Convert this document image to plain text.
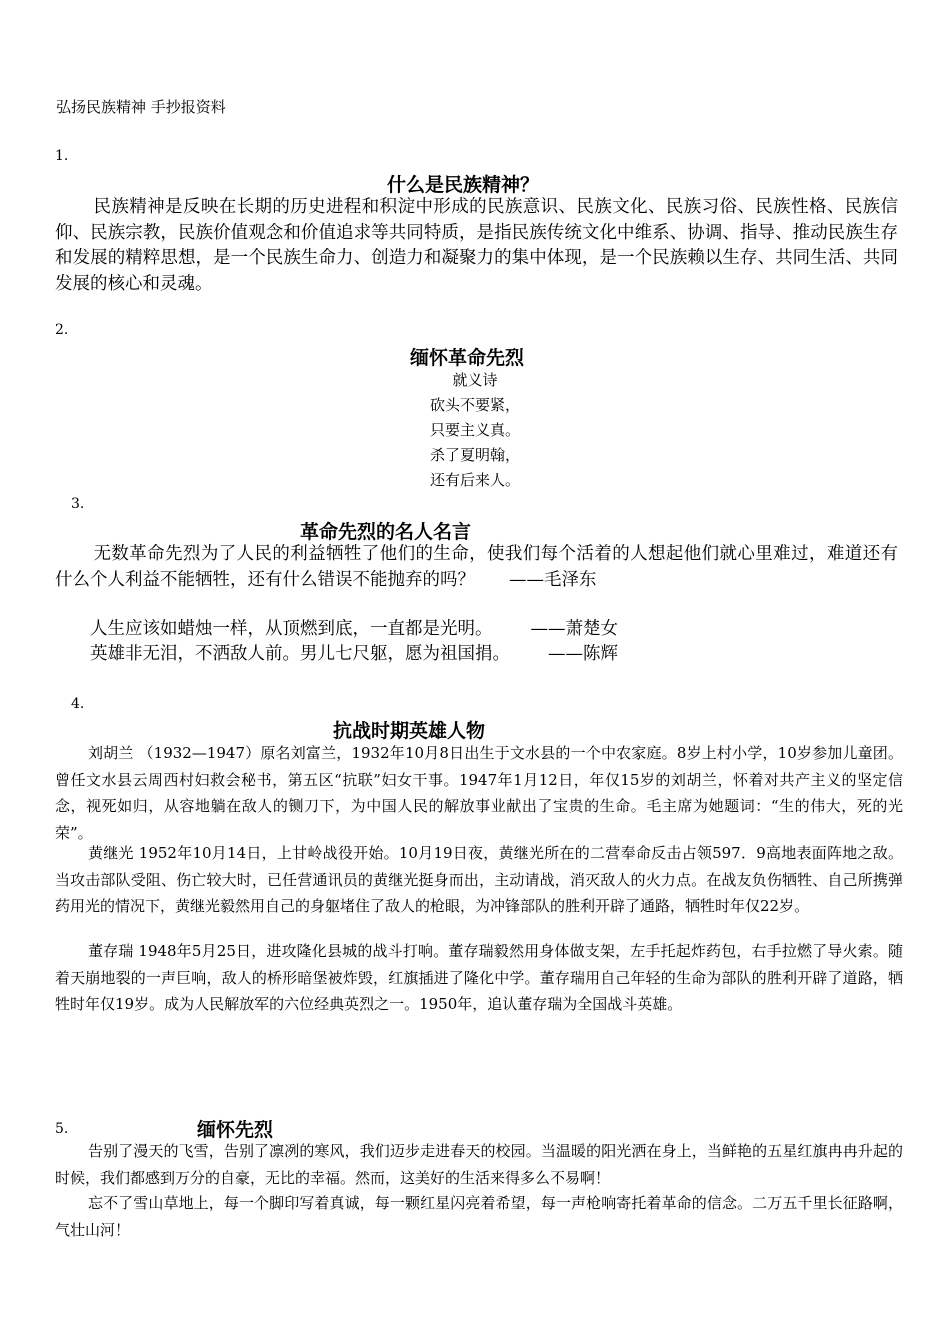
弘扬民族精神 手抄报资料
1.
什么是民族精神？

民族精神是反映在长期的历史进程和积淀中形成的民族意识、民族文化、民族习俗、民族性格、民族信仰、民族宗教，民族价值观念和价值追求等共同特质，是指民族传统文化中维系、协调、指导、推动民族生存和发展的精粹思想，是一个民族生命力、创造力和凝聚力的集中体现，是一个民族赖以生存、共同生活、共同发展的核心和灵魂。

2.
缅怀革命先烈
就义诗
砍头不要紧，
只要主义真。
杀了夏明翰，
还有后来人。
3.
革命先烈的名人名言

无数革命先烈为了人民的利益牺牲了他们的生命，使我们每个活着的人想起他们就心里难过，难道还有什么个人利益不能牺牲，还有什么错误不能抛弃的吗？ ——毛泽东

人生应该如蜡烛一样，从顶燃到底，一直都是光明。 ——萧楚女
英雄非无泪，不洒敌人前。男儿七尺躯，愿为祖国捐。 ——陈辉
4.
抗战时期英雄人物

刘胡兰 （1932—1947）原名刘富兰，1932年10月8日出生于文水县的一个中农家庭。8岁上村小学，10岁参加儿童团。曾任文水县云周西村妇救会秘书，第五区“抗联”妇女干事。1947年1月12日，年仅15岁的刘胡兰，怀着对共产主义的坚定信念，视死如归，从容地躺在敌人的铡刀下，为中国人民的解放事业献出了宝贵的生命。毛主席为她题词：“生的伟大，死的光荣”。

黄继光 1952年10月14日，上甘岭战役开始。10月19日夜，黄继光所在的二营奉命反击占领597．9高地表面阵地之敌。当攻击部队受阻、伤亡较大时，已任营通讯员的黄继光挺身而出，主动请战，消灭敌人的火力点。在战友负伤牺牲、自己所携弹药用光的情况下，黄继光毅然用自己的身躯堵住了敌人的枪眼，为冲锋部队的胜利开辟了通路，牺牲时年仅22岁。

董存瑞 1948年5月25日，进攻隆化县城的战斗打响。董存瑞毅然用身体做支架，左手托起炸药包，右手拉燃了导火索。随着天崩地裂的一声巨响，敌人的桥形暗堡被炸毁，红旗插进了隆化中学。董存瑞用自己年轻的生命为部队的胜利开辟了道路，牺牲时年仅19岁。成为人民解放军的六位经典英烈之一。1950年，追认董存瑞为全国战斗英雄。

5.	缅怀先烈

告别了漫天的飞雪，告别了凛冽的寒风，我们迈步走进春天的校园。当温暖的阳光洒在身上，当鲜艳的五星红旗冉冉升起的时候，我们都感到万分的自豪，无比的幸福。然而，这美好的生活来得多么不易啊！

忘不了雪山草地上，每一个脚印写着真诚，每一颗红星闪亮着希望，每一声枪响寄托着革命的信念。二万五千里长征路啊，气壮山河！
